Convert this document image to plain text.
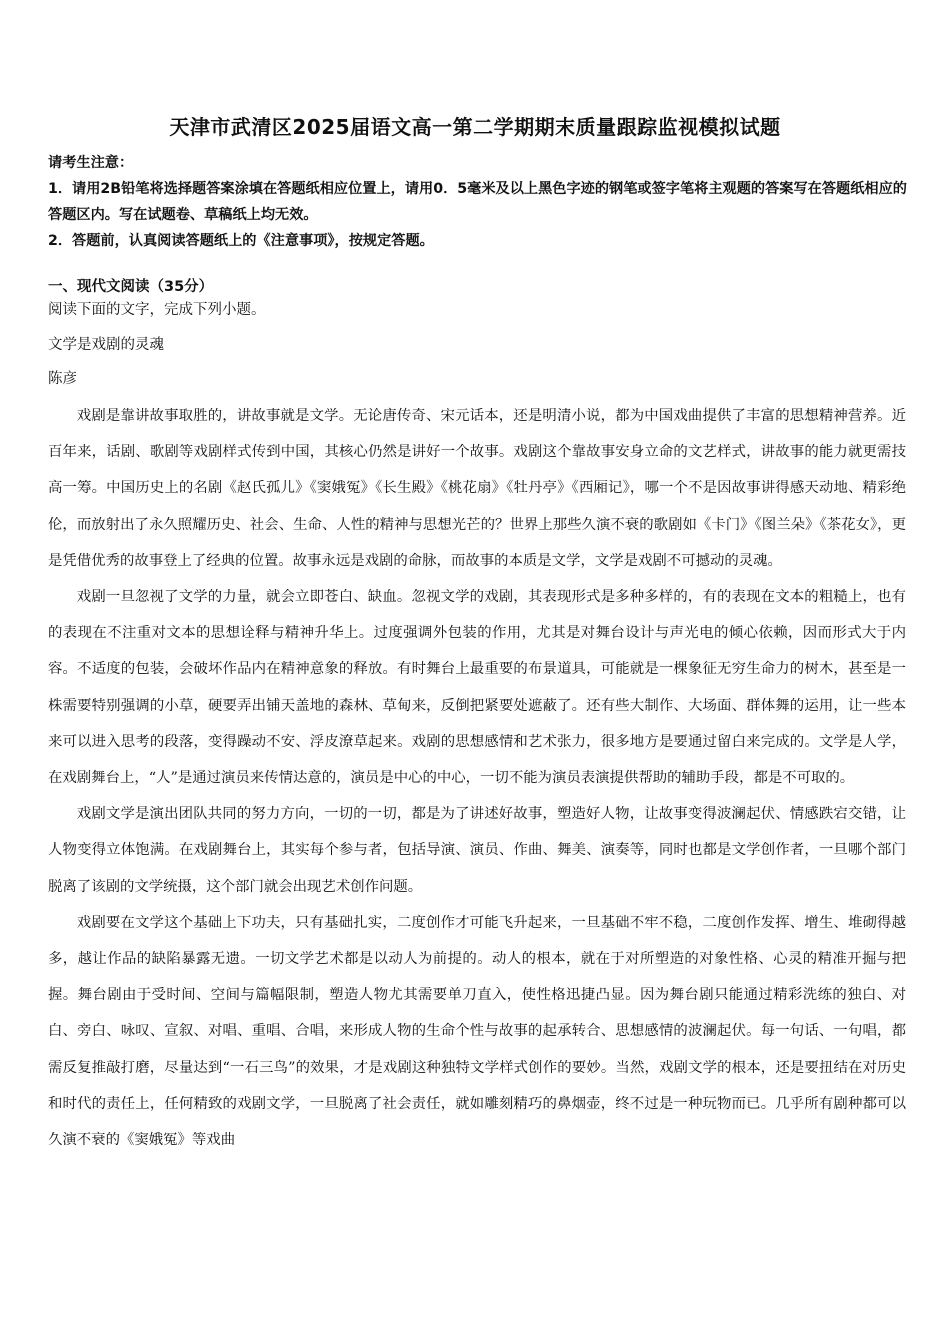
天津市武清区2025届语文高一第二学期期末质量跟踪监视模拟试题

请考生注意：

1．请用2B铅笔将选择题答案涂填在答题纸相应位置上，请用0．5毫米及以上黑色字迹的钢笔或签字笔将主观题的答案写在答题纸相应的答题区内。写在试题卷、草稿纸上均无效。

2．答题前，认真阅读答题纸上的《注意事项》，按规定答题。

一、现代文阅读（35分）
阅读下面的文字，完成下列小题。
文学是戏剧的灵魂
陈彦

戏剧是靠讲故事取胜的，讲故事就是文学。无论唐传奇、宋元话本，还是明清小说，都为中国戏曲提供了丰富的思想精神营养。近百年来，话剧、歌剧等戏剧样式传到中国，其核心仍然是讲好一个故事。戏剧这个靠故事安身立命的文艺样式，讲故事的能力就更需技高一筹。中国历史上的名剧《赵氏孤儿》《窦娥冤》《长生殿》《桃花扇》《牡丹亭》《西厢记》，哪一个不是因故事讲得感天动地、精彩绝伦，而放射出了永久照耀历史、社会、生命、人性的精神与思想光芒的？世界上那些久演不衰的歌剧如《卡门》《图兰朵》《茶花女》，更是凭借优秀的故事登上了经典的位置。故事永远是戏剧的命脉，而故事的本质是文学，文学是戏剧不可撼动的灵魂。

戏剧一旦忽视了文学的力量，就会立即苍白、缺血。忽视文学的戏剧，其表现形式是多种多样的，有的表现在文本的粗糙上，也有的表现在不注重对文本的思想诠释与精神升华上。过度强调外包装的作用，尤其是对舞台设计与声光电的倾心依赖，因而形式大于内容。不适度的包装，会破坏作品内在精神意象的释放。有时舞台上最重要的布景道具，可能就是一棵象征无穷生命力的树木，甚至是一株需要特别强调的小草，硬要弄出铺天盖地的森林、草甸来，反倒把紧要处遮蔽了。还有些大制作、大场面、群体舞的运用，让一些本来可以进入思考的段落，变得躁动不安、浮皮潦草起来。戏剧的思想感情和艺术张力，很多地方是要通过留白来完成的。文学是人学，在戏剧舞台上，“人”是通过演员来传情达意的，演员是中心的中心，一切不能为演员表演提供帮助的辅助手段，都是不可取的。

戏剧文学是演出团队共同的努力方向，一切的一切，都是为了讲述好故事，塑造好人物，让故事变得波澜起伏、情感跌宕交错，让人物变得立体饱满。在戏剧舞台上，其实每个参与者，包括导演、演员、作曲、舞美、演奏等，同时也都是文学创作者，一旦哪个部门脱离了该剧的文学统摄，这个部门就会出现艺术创作问题。

戏剧要在文学这个基础上下功夫，只有基础扎实，二度创作才可能飞升起来，一旦基础不牢不稳，二度创作发挥、增生、堆砌得越多，越让作品的缺陷暴露无遗。一切文学艺术都是以动人为前提的。动人的根本，就在于对所塑造的对象性格、心灵的精准开掘与把握。舞台剧由于受时间、空间与篇幅限制，塑造人物尤其需要单刀直入，使性格迅捷凸显。因为舞台剧只能通过精彩洗练的独白、对白、旁白、咏叹、宣叙、对唱、重唱、合唱，来形成人物的生命个性与故事的起承转合、思想感情的波澜起伏。每一句话、一句唱，都需反复推敲打磨，尽量达到“一石三鸟”的效果，才是戏剧这种独特文学样式创作的要妙。当然，戏剧文学的根本，还是要扭结在对历史和时代的责任上，任何精致的戏剧文学，一旦脱离了社会责任，就如雕刻精巧的鼻烟壶，终不过是一种玩物而已。几乎所有剧种都可以久演不衰的《窦娥冤》等戏曲
